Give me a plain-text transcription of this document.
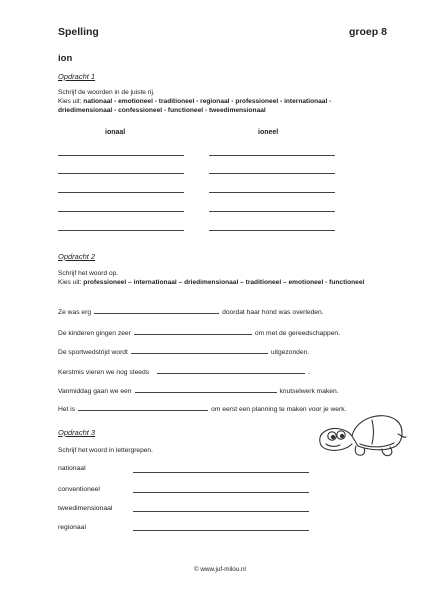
Spelling	groep 8
ion
Opdracht 1
Schrijf de woorden in de juiste rij.
Kies uit: nationaal - emotioneel - traditioneel - regionaal - professioneel - internationaal -
driedimensionaal - confessioneel - functioneel - tweedimensionaal
ionaal	ioneel
Opdracht 2
Schrijf het woord op.
Kies uit: professioneel – internationaal – driedimensionaal – traditioneel – emotioneel - functioneel
Ze was erg	doordat haar hond was overleden.
De kinderen gingen zeer	om met de gereedschappen.
De sportwedstrijd wordt	uitgezonden.
Kerstmis vieren we nog steeds	.
Vanmiddag gaan we een	knutselwerk maken.
Het is	om eerst een planning te maken voor je werk.
Opdracht 3
Schrijf het woord in lettergrepen.
nationaal
conventioneel
tweedimensionaal
regionaal
© www.juf-milou.nl
